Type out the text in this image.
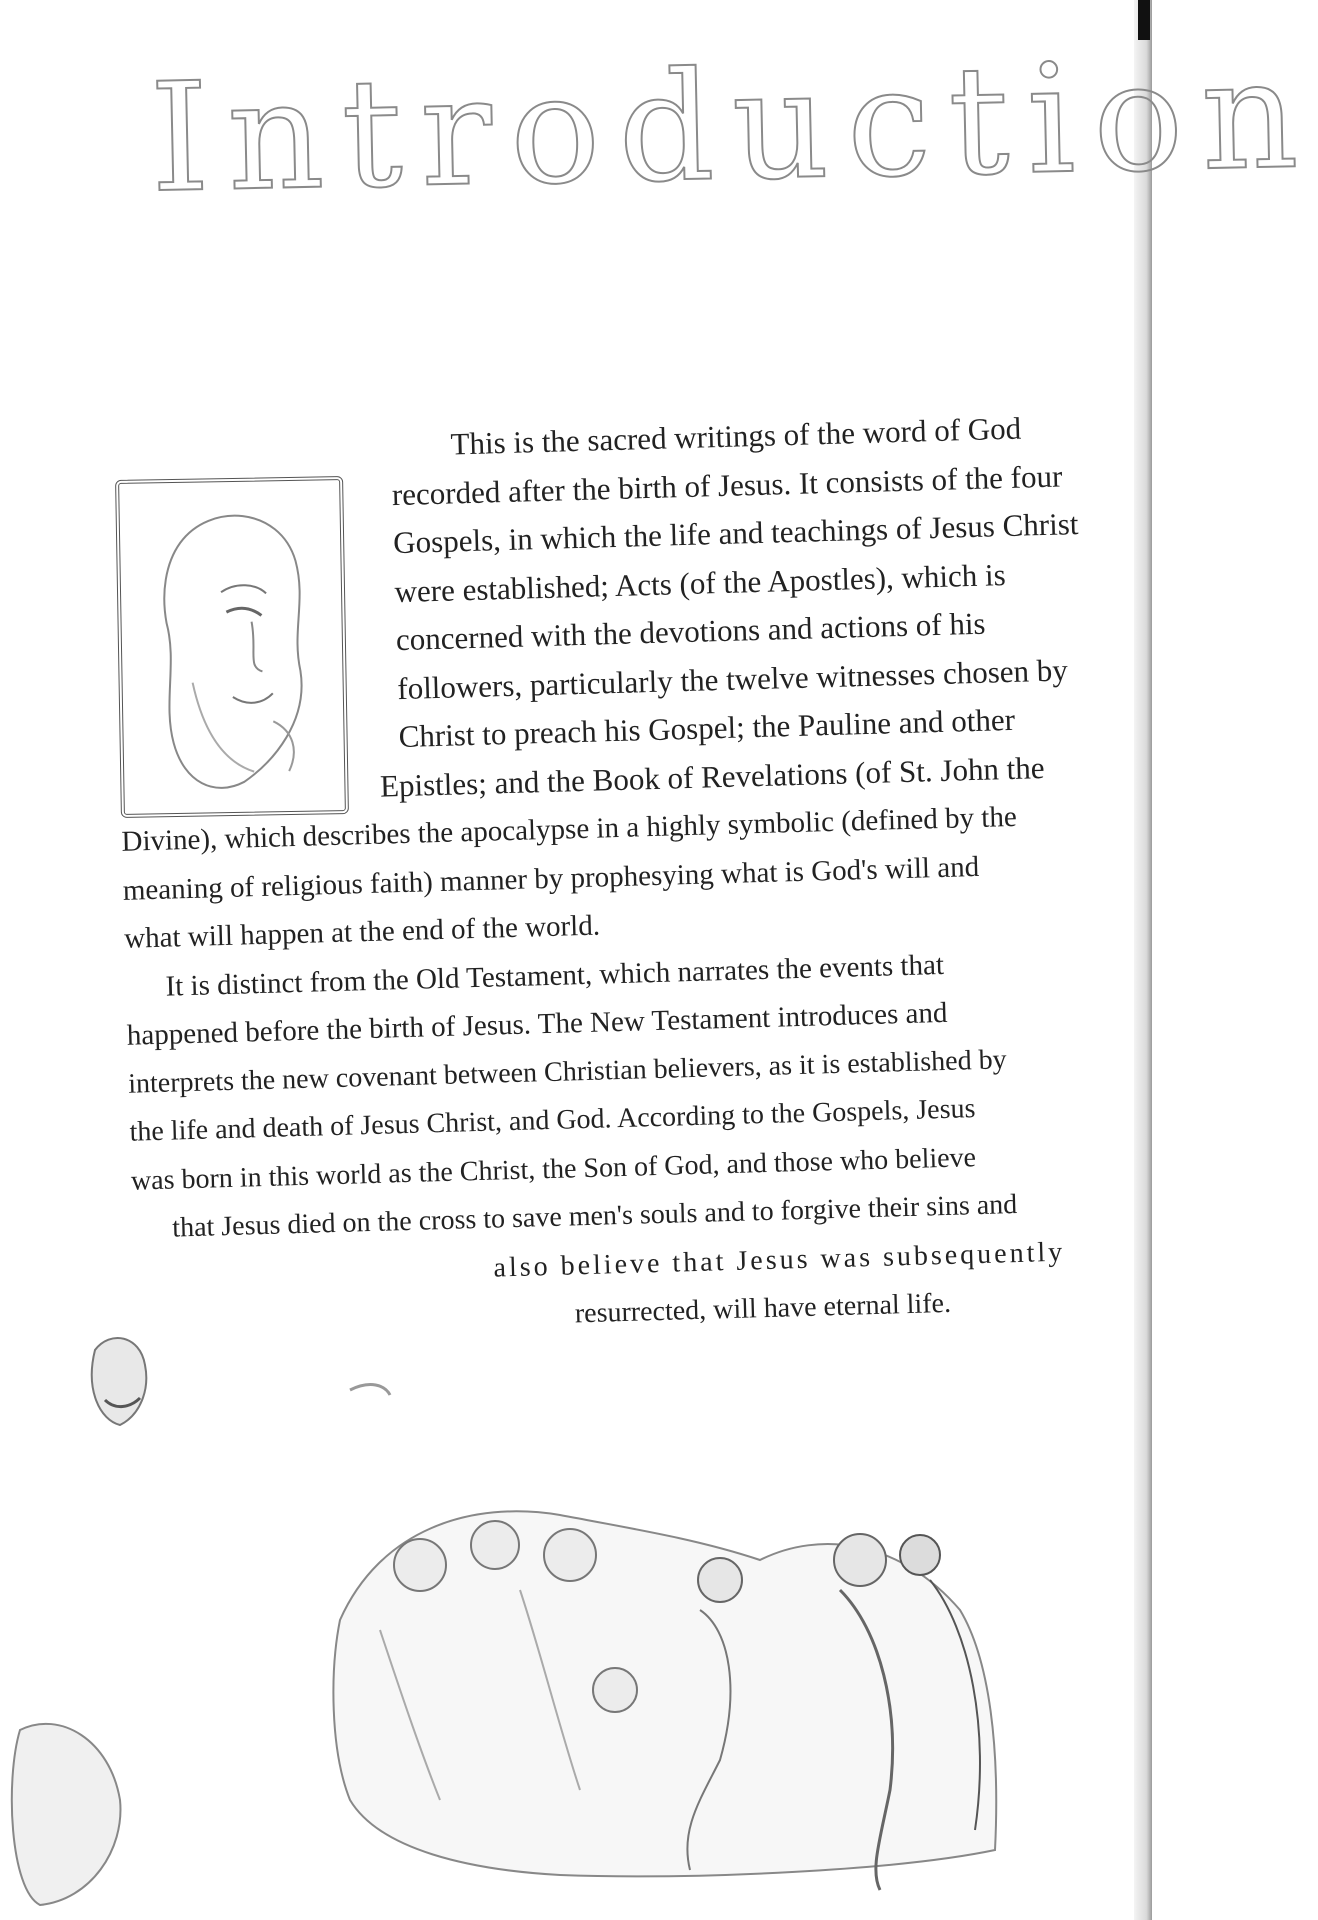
Introduction
This is the sacred writings of the word of God
recorded after the birth of Jesus. It consists of the four
Gospels, in which the life and teachings of Jesus Christ
were established; Acts (of the Apostles), which is
concerned with the devotions and actions of his
followers, particularly the twelve witnesses chosen by
Christ to preach his Gospel; the Pauline and other
Epistles; and the Book of Revelations (of St. John the
Divine), which describes the apocalypse in a highly symbolic (defined by the
meaning of religious faith) manner by prophesying what is God's will and
what will happen at the end of the world.
It is distinct from the Old Testament, which narrates the events that
happened before the birth of Jesus. The New Testament introduces and
interprets the new covenant between Christian believers, as it is established by
the life and death of Jesus Christ, and God. According to the Gospels, Jesus
was born in this world as the Christ, the Son of God, and those who believe
that Jesus died on the cross to save men's souls and to forgive their sins and
also believe that Jesus was subsequently
resurrected, will have eternal life.
